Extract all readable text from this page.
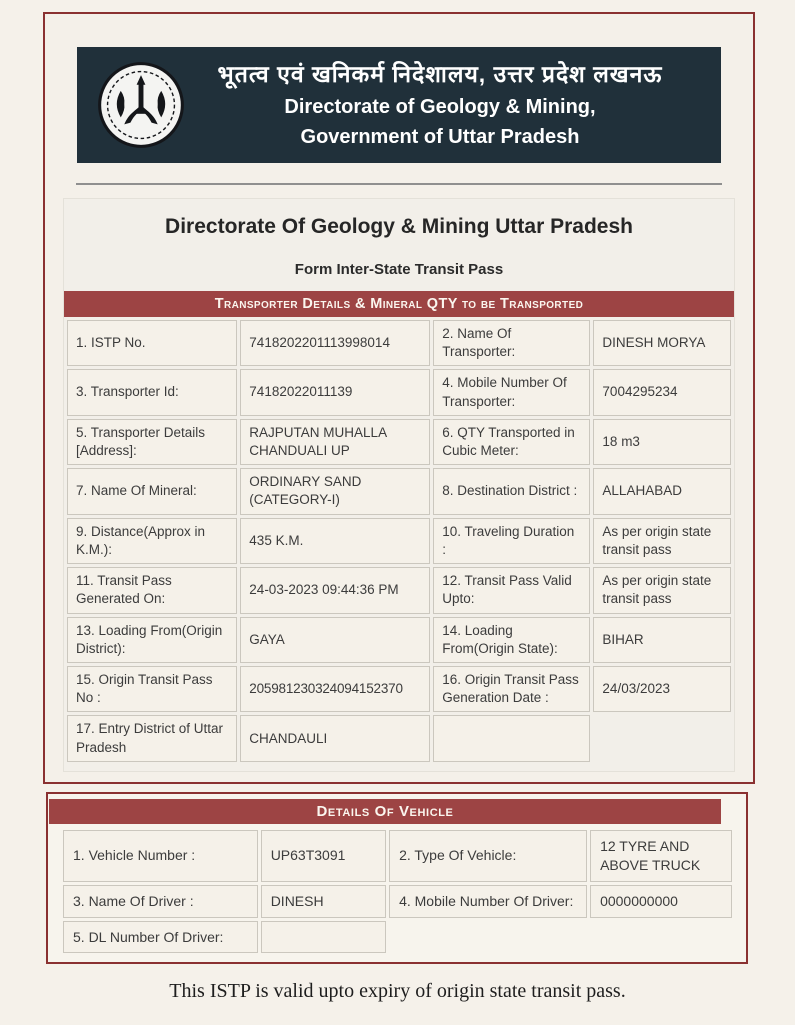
भूतत्व एवं खनिकर्म निदेशालय, उत्तर प्रदेश लखनऊ
Directorate of Geology & Mining,
Government of Uttar Pradesh
Directorate Of Geology & Mining Uttar Pradesh
Form Inter-State Transit Pass
Transporter Details & Mineral QTY to be Transported
1. ISTP No.	7418202201113998014	2. Name Of Transporter:	DINESH MORYA
3. Transporter Id:	74182022011139	4. Mobile Number Of Transporter:	7004295234
5. Transporter Details [Address]:	RAJPUTAN MUHALLA CHANDUALI UP	6. QTY Transported in Cubic Meter:	18 m3
7. Name Of Mineral:	ORDINARY SAND (CATEGORY-I)	8. Destination District :	ALLAHABAD
9. Distance(Approx in K.M.):	435 K.M.	10. Traveling Duration :	As per origin state transit pass
11. Transit Pass Generated On:	24-03-2023 09:44:36 PM	12. Transit Pass Valid Upto:	As per origin state transit pass
13. Loading From(Origin District):	GAYA	14. Loading From(Origin State):	BIHAR
15. Origin Transit Pass No :	205981230324094152370	16. Origin Transit Pass Generation Date :	24/03/2023
17. Entry District of Uttar Pradesh	CHANDAULI		
Details Of Vehicle
1. Vehicle Number :	UP63T3091	2. Type Of Vehicle:	12 TYRE AND ABOVE TRUCK
3. Name Of Driver :	DINESH	4. Mobile Number Of Driver:	0000000000
5. DL Number Of Driver:			
This ISTP is valid upto expiry of origin state transit pass.
